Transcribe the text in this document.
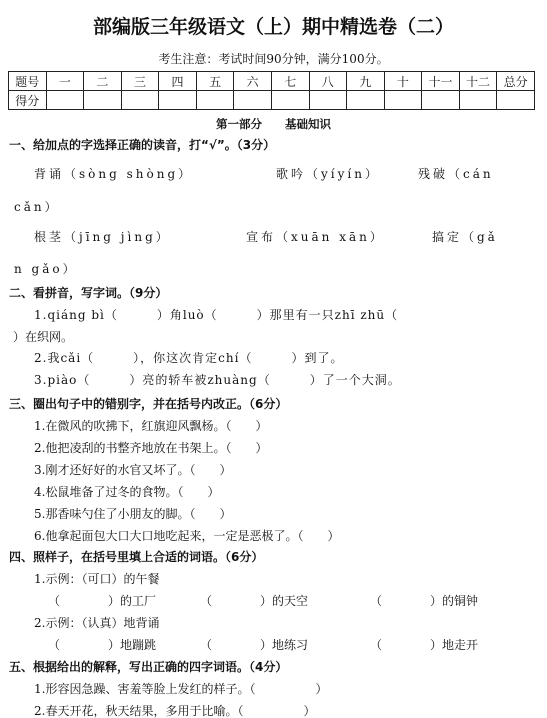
部编版三年级语文（上）期中精选卷（二）
考生注意：考试时间90分钟，满分100分。
题号	一	二	三	四	五	六	七	八	九	十	十一	十二	总分
得分													
第一部分　　基础知识
一、给加点的字选择正确的读音，打“√”。（3分）
背诵（sòng shòng）	歌吟（yíyín）	残破（cán
cǎn）
根茎（jīng jìng）	宣布（xuān xān）	搞定（gǎ
n gǎo）
二、看拼音，写字词。（9分）
1.qiáng bì（　　　）角luò（　　　）那里有一只zhī zhū（
）在织网。
2.我cǎi（　　　），你这次肯定chí（　　　）到了。
3.piào（　　　）亮的轿车被zhuàng（　　　）了一个大洞。
三、圈出句子中的错别字，并在括号内改正。（6分）
1.在微风的吹拂下，红旗迎风飘杨。（　　）
2.他把凌刮的书整齐地放在书架上。（　　）
3.刚才还好好的水官又坏了。（　　）
4.松鼠堆备了过冬的食物。（　　）
5.那香味勺住了小朋友的脚。（　　）
6.他拿起面包大口大口地吃起来，一定是恶极了。（　　）
四、照样子，在括号里填上合适的词语。（6分）
1.示例：（可口）的午餐
（　　　　）的工厂	（　　　　）的天空	（　　　　）的铜钟
2.示例：（认真）地背诵
（　　　　）地蹦跳	（　　　　）地练习	（　　　　）地走开
五、根据给出的解释，写出正确的四字词语。（4分）
1.形容因急躁、害羞等脸上发红的样子。（　　　　　）
2.春天开花，秋天结果，多用于比喻。（　　　　　）
